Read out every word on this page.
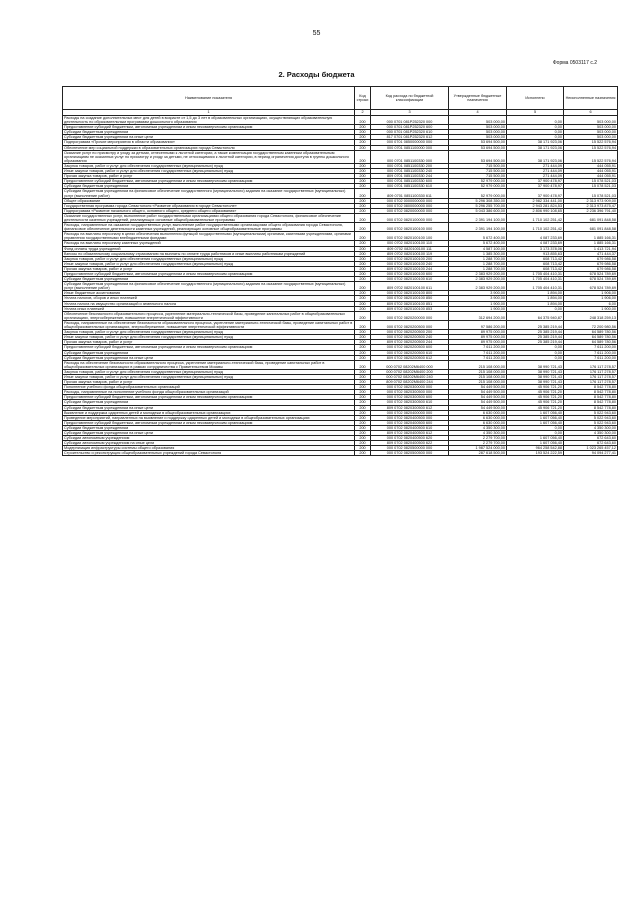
55
Форма 0503117 с.2
2. Расходы бюджета
Наименование показателя	Код строки	Код расхода по бюджетной классификации	Утвержденные бюджетные назначения	Исполнено	Неисполненные назначения
1	2	3	4	5	6
Расходы на создание дополнительных мест для детей в возрасте от 1,5 до 3 лет в образовательных организациях, осуществляющих образовательную деятельность по образовательным программам дошкольного образования	200	000 0701 081P252320 000	503 000,00	0,00	503 000,00
Предоставление субсидий бюджетным, автономным учреждениям и иным некоммерческим организациям	200	000 0701 081P252320 600	503 000,00	0,00	503 000,00
Субсидии бюджетным учреждениям	200	000 0701 081P252320 610	503 000,00	0,00	503 000,00
Субсидии бюджетным учреждениям на иные цели	200	817 0701 081P252320 612	503 000,00	0,00	503 000,00
Подпрограмма «Прочие мероприятия в области образования»	200	000 0701 0850000000 000	53 694 500,00	38 171 923,06	15 522 576,94
Обеспечение мер социальной поддержки в образовательных организациях города Севастополя	200	000 0701 0851100000 000	53 694 500,00	38 171 923,06	15 522 576,94
Оказание услуг по присмотру и уходу за детьми, отнесенными к льготной категории, а также компенсация государственным казенным образовательным организациям не оказанных услуг по присмотру и уходу за детьми, не относящимися к льготной категории, в период ограничения доступа в группы дошкольного образования	200	000 0701 0851100330 000	53 694 500,00	38 171 923,06	15 522 576,94
Закупка товаров, работ и услуг для обеспечения государственных (муниципальных) нужд	200	000 0701 0851100330 200	715 500,00	271 444,09	444 055,91
Иные закупки товаров, работ и услуг для обеспечения государственных (муниципальных) нужд	200	000 0701 0851100330 240	715 500,00	271 444,09	444 055,91
Прочая закупка товаров, работ и услуг	200	809 0701 0851100330 244	715 500,00	271 444,09	444 055,91
Предоставление субсидий бюджетным, автономным учреждениям и иным некоммерческим организациям	200	000 0701 0851100330 600	52 979 000,00	37 900 478,97	15 078 521,03
Субсидии бюджетным учреждениям	200	000 0701 0851100330 610	52 979 000,00	37 900 478,97	15 078 521,03
Субсидии бюджетным учреждениям на финансовое обеспечение государственного (муниципального) задания на оказание государственных (муниципальных) услуг (выполнение работ)	200	809 0701 0851100330 611	52 979 000,00	37 900 478,97	15 078 521,03
Общее образование	200	000 0702 0000000000 000	5 296 308 350,00	2 982 334 441,00	2 313 973 909,00
Государственная программа города Севастополя «Развитие образования в городе Севастополе»	200	000 0702 0800000000 000	5 296 255 700,00	2 943 281 824,53	2 313 973 875,47
Подпрограмма «Развитие начального общего, основного общего, среднего общего образования»	200	000 0702 0820000000 000	5 043 386 600,00	2 806 990 108,65	2 236 396 791,40
Оказание государственных услуг, выполнение работ государственными организациями общего образования города Севастополя, финансовое обеспечение деятельности казенных учреждений, реализующих основные общеобразовательные программы	200	000 0702 0820100000 000	2 391 194 100,00	1 710 102 251,42	681 091 848,58
Расходы, направленные на оказание государственных услуг, выполнение работ государственными организациями общего образования города Севастополя, финансовое обеспечение деятельности казенных учреждений, реализующих основные общеобразовательные программы	200	000 0702 0820100100 000	2 391 194 100,00	1 710 102 251,42	681 091 848,58
Расходы на выплаты персоналу в целях обеспечения выполнения функций государственными (муниципальными) органами, казенными учреждениями, органами управления государственными внебюджетными фондами	200	000 0702 0820100100 100	5 672 400,00	4 087 233,69	1 885 166,31
Расходы на выплаты персоналу казенных учреждений	200	000 0702 0820100100 110	5 672 400,00	4 087 233,69	1 885 166,31
Фонд оплаты труда учреждений	200	809 0702 0820100100 111	4 587 100,00	3 173 378,06	1 413 721,94
Взносы по обязательному социальному страхованию на выплаты по оплате труда работников и иные выплаты работникам учреждений	200	809 0702 0820100100 119	1 385 300,00	913 855,63	471 444,37
Закупка товаров, работ и услуг для обеспечения государственных (муниципальных) нужд	200	000 0702 0820100100 200	1 288 700,00	608 713,42	679 986,58
Иные закупки товаров, работ и услуг для обеспечения государственных (муниципальных) нужд	200	000 0702 0820100100 240	1 288 700,00	608 713,42	679 986,58
Прочая закупка товаров, работ и услуг	200	809 0702 0820100100 244	1 288 700,00	608 713,42	679 986,58
Предоставление субсидий бюджетным, автономным учреждениям и иным некоммерческим организациям	200	000 0702 0820100100 600	2 383 929 200,00	1 705 404 410,31	678 524 789,69
Субсидии бюджетным учреждениям	200	000 0702 0820100100 610	2 383 929 200,00	1 705 404 410,31	678 524 789,69
Субсидии бюджетным учреждениям на финансовое обеспечение государственного (муниципального) задания на оказание государственных (муниципальных) услуг (выполнение работ)	200	809 0702 0820100100 611	2 383 929 200,00	1 705 404 410,31	678 524 789,69
Иные бюджетные ассигнования	200	000 0702 0820100100 800	3 900,00	1 894,00	1 906,00
Уплата налогов, сборов и иных платежей	200	000 0702 0820100100 850	3 900,00	1 894,00	1 906,00
Уплата налога на имущество организаций и земельного налога	200	809 0702 0820100100 851	1 900,00	1 894,00	6,00
Уплата иных платежей	200	809 0702 0820100100 853	1 900,00	0,00	1 900,00
Обеспечение безопасности образовательного процесса, укрепление материально-технической базы, проведение капитальных работ в общеобразовательных организациях, энергосбережение, повышение энергетической эффективности	200	000 0702 0820200000 000	312 694 200,00	64 375 940,87	248 318 259,13
Расходы, направленные на обеспечение безопасности образовательного процесса, укрепление материально-технической базы, проведение капитальных работ в общеобразовательных организациях, энергосбережение, повышение энергетической эффективности	200	000 0702 0820200500 000	97 586 200,00	25 385 219,44	72 200 980,56
Закупка товаров, работ и услуг для обеспечения государственных (муниципальных) нужд	200	000 0702 0820200500 200	89 975 000,00	25 385 219,44	64 589 780,56
Иные закупки товаров, работ и услуг для обеспечения государственных (муниципальных) нужд	200	000 0702 0820200500 240	89 975 000,00	25 385 219,44	64 589 780,56
Прочая закупка товаров, работ и услуг	200	809 0702 0820200500 244	89 975 000,00	25 385 219,44	64 589 780,56
Предоставление субсидий бюджетным, автономным учреждениям и иным некоммерческим организациям	200	000 0702 0820200500 600	7 611 200,00	0,00	7 611 200,00
Субсидии бюджетным учреждениям	200	000 0702 0820200500 610	7 611 200,00	0,00	7 611 200,00
Субсидии бюджетным учреждениям на иные цели	200	809 0702 0820200500 612	7 611 200,00	0,00	7 611 200,00
Расходы на обеспечение безопасности образовательного процесса, укрепление материально-технической базы, проведение капитальных работ в общеобразовательных организациях в рамках сотрудничества с Правительством Москвы	200	000 0702 08202М6400 000	215 108 000,00	38 990 721,43	176 117 278,57
Закупка товаров, работ и услуг для обеспечения государственных (муниципальных) нужд	200	000 0702 08202М6400 200	215 108 000,00	38 990 721,43	176 117 278,57
Иные закупки товаров, работ и услуг для обеспечения государственных (муниципальных) нужд	200	000 0702 08202М6400 240	215 108 000,00	38 990 721,43	176 117 278,57
Прочая закупка товаров, работ и услуг	200	809 0702 08202М6400 244	215 108 000,00	38 990 721,43	176 117 278,57
Пополнение учебного фонда общеобразовательных организаций	200	000 0702 0820300000 000	54 449 500,00	45 906 721,20	8 542 778,80
Расходы, направленные на пополнение учебного фонда общеобразовательных организаций	200	000 0702 0820300500 000	54 449 500,00	45 906 721,20	8 542 778,80
Предоставление субсидий бюджетным, автономным учреждениям и иным некоммерческим организациям	200	000 0702 0820300500 600	54 449 500,00	45 906 721,20	8 542 778,80
Субсидии бюджетным учреждениям	200	000 0702 0820300500 610	54 449 500,00	45 906 721,20	8 542 778,80
Субсидии бюджетным учреждениям на иные цели	200	809 0702 0820300500 612	54 449 500,00	45 906 721,20	8 542 778,80
Выявление и поддержка одаренных детей и молодежи в общеобразовательных организациях	200	000 0702 0820400000 000	6 630 000,00	1 607 056,40	5 022 943,60
Проведение мероприятий, направленных на выявление и поддержку одаренных детей и молодежи в общеобразовательных организациях	200	000 0702 0820400500 000	6 630 000,00	1 607 056,40	5 022 943,60
Предоставление субсидий бюджетным, автономным учреждениям и иным некоммерческим организациям	200	000 0702 0820400500 600	6 630 000,00	1 607 056,40	5 022 943,60
Субсидии бюджетным учреждениям	200	000 0702 0820400500 610	4 350 300,00	0,00	4 350 300,00
Субсидии бюджетным учреждениям на иные цели	200	809 0702 0820400500 612	4 350 300,00	0,00	4 350 300,00
Субсидии автономным учреждениям	200	000 0702 0820400500 620	2 279 700,00	1 607 056,40	672 643,60
Субсидии автономным учреждениям на иные цели	200	809 0702 0820400500 622	2 279 700,00	1 607 056,40	672 643,60
Модернизация инфраструктуры системы общего образования	200	000 0702 0820500000 000	1 987 524 000,00	964 258 542,88	1 023 265 457,12
Строительство и реконструкция общеобразовательных учреждений города Севастополя	200	000 0702 0820500500 000	287 618 500,00	193 524 222,59	94 094 277,41
